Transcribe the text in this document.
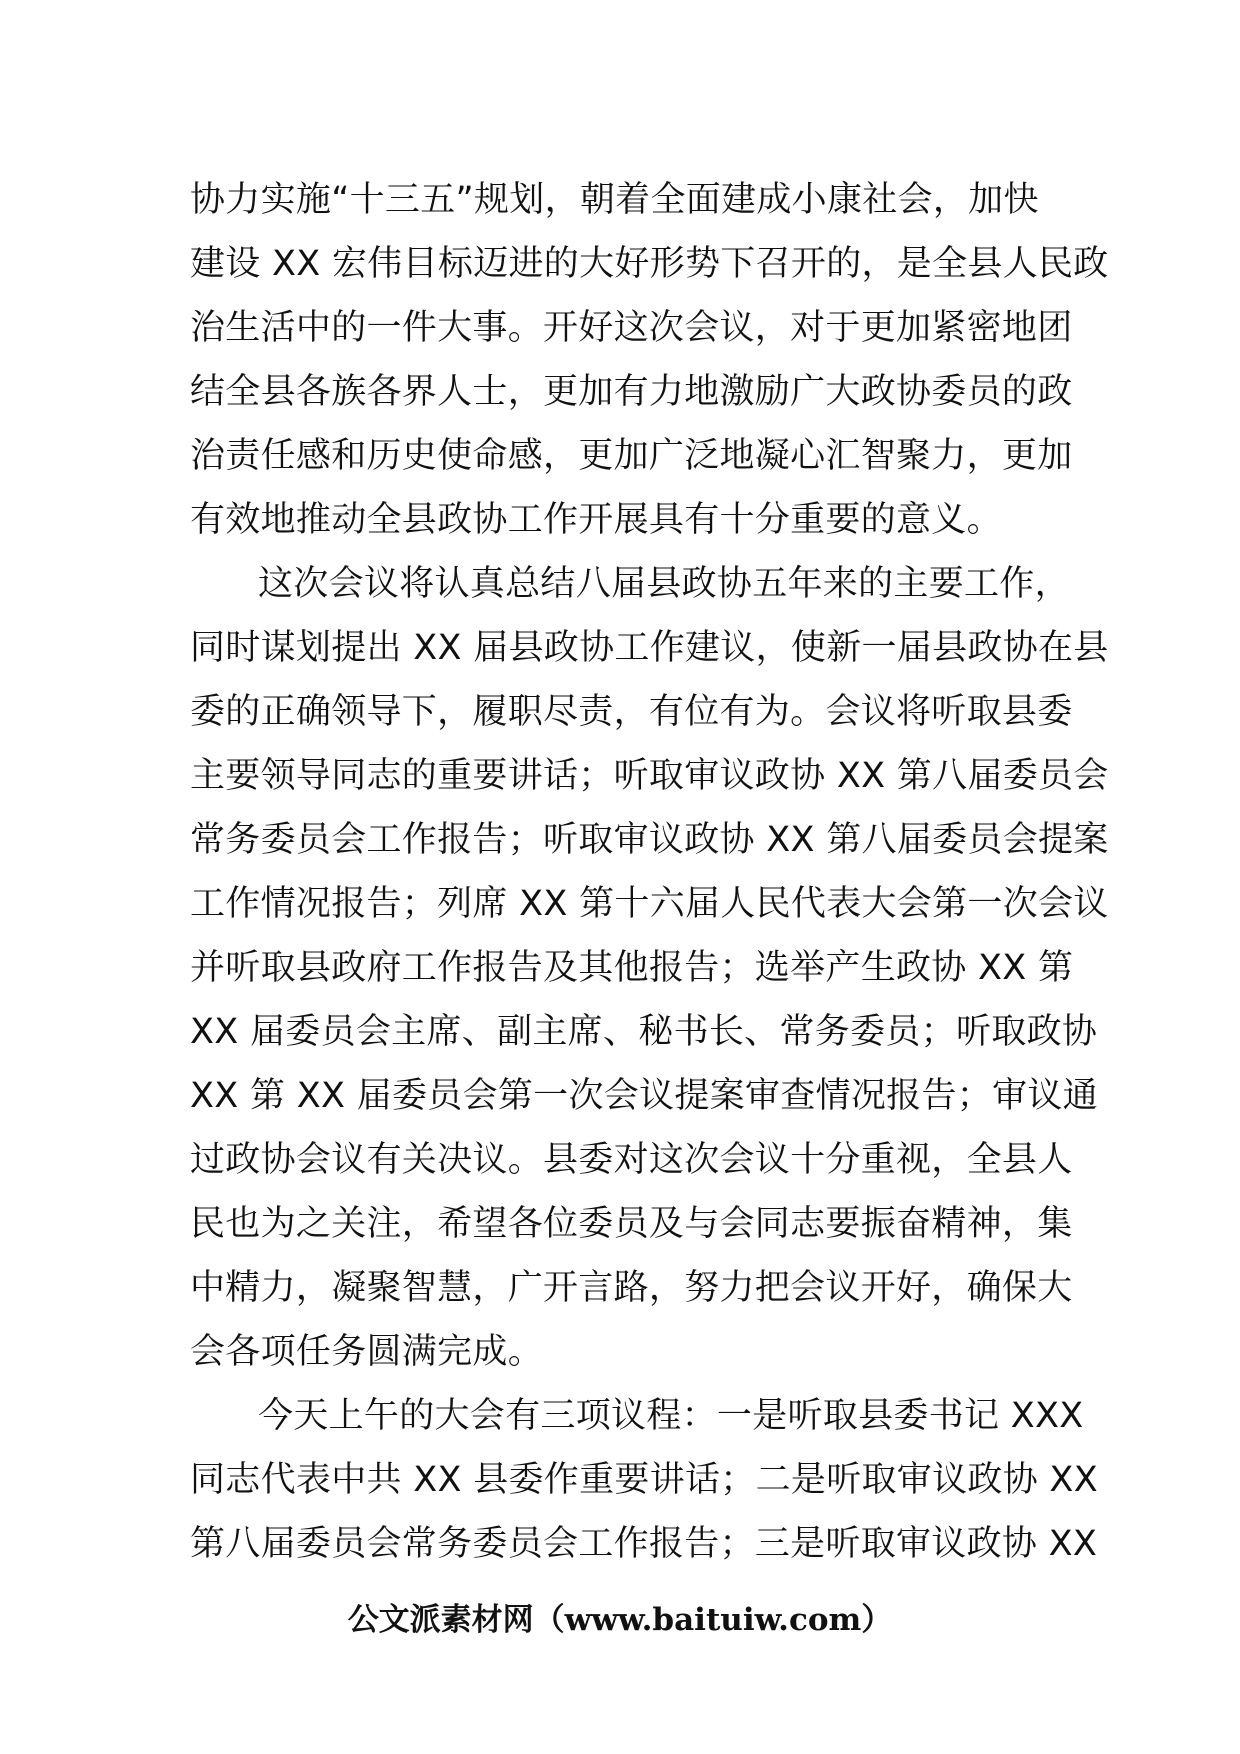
协力实施“十三五”规划，朝着全面建成小康社会，加快
建设 XX 宏伟目标迈进的大好形势下召开的，是全县人民政
治生活中的一件大事。开好这次会议，对于更加紧密地团
结全县各族各界人士，更加有力地激励广大政协委员的政
治责任感和历史使命感，更加广泛地凝心汇智聚力，更加
有效地推动全县政协工作开展具有十分重要的意义。
这次会议将认真总结八届县政协五年来的主要工作，
同时谋划提出 XX 届县政协工作建议，使新一届县政协在县
委的正确领导下，履职尽责，有位有为。会议将听取县委
主要领导同志的重要讲话；听取审议政协 XX 第八届委员会
常务委员会工作报告；听取审议政协 XX 第八届委员会提案
工作情况报告；列席 XX 第十六届人民代表大会第一次会议
并听取县政府工作报告及其他报告；选举产生政协 XX 第
XX 届委员会主席、副主席、秘书长、常务委员；听取政协
XX 第 XX 届委员会第一次会议提案审查情况报告；审议通
过政协会议有关决议。县委对这次会议十分重视，全县人
民也为之关注，希望各位委员及与会同志要振奋精神，集
中精力，凝聚智慧，广开言路，努力把会议开好，确保大
会各项任务圆满完成。
今天上午的大会有三项议程：一是听取县委书记 XXX
同志代表中共 XX 县委作重要讲话；二是听取审议政协 XX
第八届委员会常务委员会工作报告；三是听取审议政协 XX
公文派素材网（www.baituiw.com）
